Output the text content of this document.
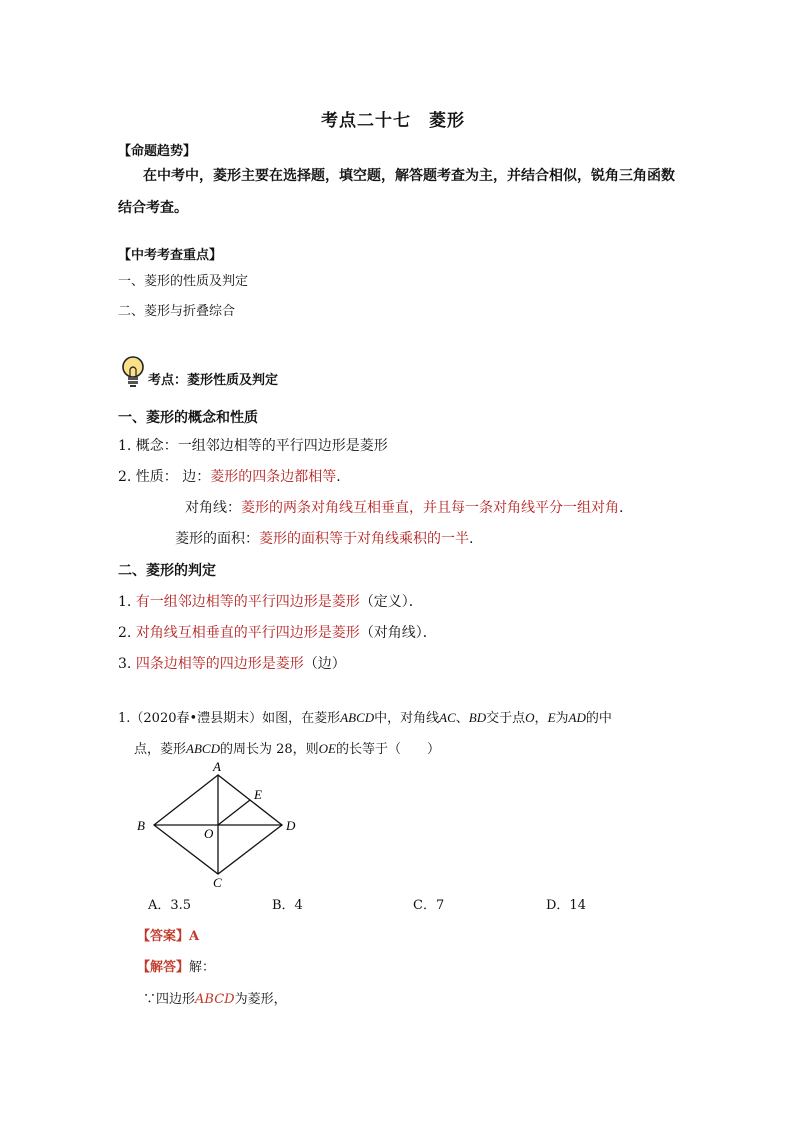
考点二十七　菱形
【命题趋势】
在中考中，菱形主要在选择题，填空题，解答题考查为主，并结合相似，锐角三角函数
结合考查。
【中考考查重点】
一、菱形的性质及判定
二、菱形与折叠综合
考点：菱形性质及判定
一、菱形的概念和性质
1. 概念：一组邻边相等的平行四边形是菱形
2. 性质： 边：菱形的四条边都相等.
对角线：菱形的两条对角线互相垂直，并且每一条对角线平分一组对角.
菱形的面积：菱形的面积等于对角线乘积的一半.
二、菱形的判定
1. 有一组邻边相等的平行四边形是菱形（定义）．
2. 对角线互相垂直的平行四边形是菱形（对角线）．
3. 四条边相等的四边形是菱形（边）
1.（2020春•澧县期末）如图，在菱形ABCD中，对角线AC、BD交于点O，E为AD的中
点，菱形ABCD的周长为 28，则OE的长等于（　　）
A
B
C
D
E
O
A．3.5	B．4	C．7	D．14
【答案】A
【解答】解：
∵四边形ABCD为菱形，
